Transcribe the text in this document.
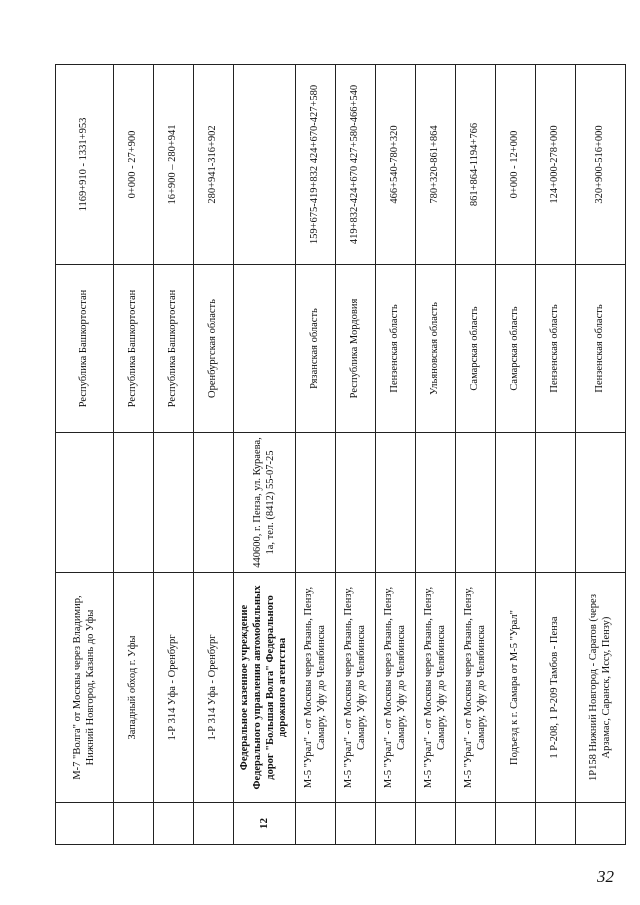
	М-7 "Волга" от Москвы через Владимир, Нижний Новгород, Казань до Уфы		Республика Башкортостан	1169+910 - 1331+953
	Западный обход г. Уфы		Республика Башкортостан	0+000 - 27+900
	1-Р 314 Уфа - Оренбург		Республика Башкортостан	16+900 – 280+941
	1-Р 314 Уфа - Оренбург		Оренбургская область	280+941-316+902
12	Федеральное казенное учреждение Федерального управления автомобильных дорог "Большая Волга" Федерального дорожного агентства	440600, г. Пенза, ул. Кураева, 1а, тел. (8412) 55-07-25		
	М-5 "Урал" - от Москвы через Рязань, Пензу, Самару, Уфу до Челябинска		Рязанская область	159+675-419+832 424+670-427+580
	М-5 "Урал" - от Москвы через Рязань, Пензу, Самару, Уфу до Челябинска		Республика Мордовия	419+832-424+670 427+580-466+540
	М-5 "Урал" - от Москвы через Рязань, Пензу, Самару, Уфу до Челябинска		Пензенская область	466+540-780+320
	М-5 "Урал" - от Москвы через Рязань, Пензу, Самару, Уфу до Челябинска		Ульяновская область	780+320-861+864
	М-5 "Урал" - от Москвы через Рязань, Пензу, Самару, Уфу до Челябинска		Самарская область	861+864-1194+766
	Подъезд к г. Самара от М-5 "Урал"		Самарская область	0+000 - 12+000
	1 Р-208, 1 Р-209 Тамбов - Пенза		Пензенская область	124+000-278+000
	1Р158 Нижний Новгород - Саратов (через Арзамас, Саранск, Иссу, Пензу)		Пензенская область	320+900-516+000
32
